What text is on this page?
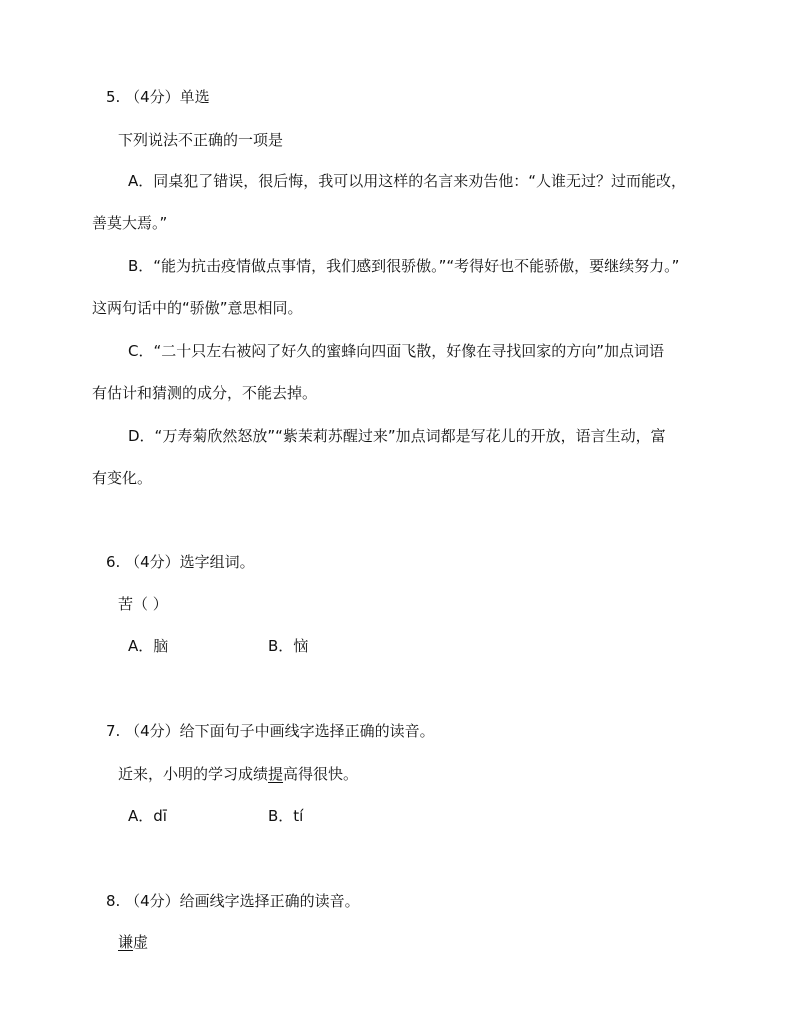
5. （4分）单选
下列说法不正确的一项是
A．同桌犯了错误，很后悔，我可以用这样的名言来劝告他：“人谁无过？过而能改，
善莫大焉。”
B．“能为抗击疫情做点事情，我们感到很骄傲。”“考得好也不能骄傲，要继续努力。”
这两句话中的“骄傲”意思相同。
C．“二十只左右被闷了好久的蜜蜂向四面飞散，好像在寻找回家的方向”加点词语
有估计和猜测的成分，不能去掉。
D．“万寿菊欣然怒放”“紫茉莉苏醒过来”加点词都是写花儿的开放，语言生动，富
有变化。
6. （4分）选字组词。
苦（ ）
A．脑	B．恼
7. （4分）给下面句子中画线字选择正确的读音。
近来，小明的学习成绩提高得很快。
A．dī	B．tí
8. （4分）给画线字选择正确的读音。
谦虚
